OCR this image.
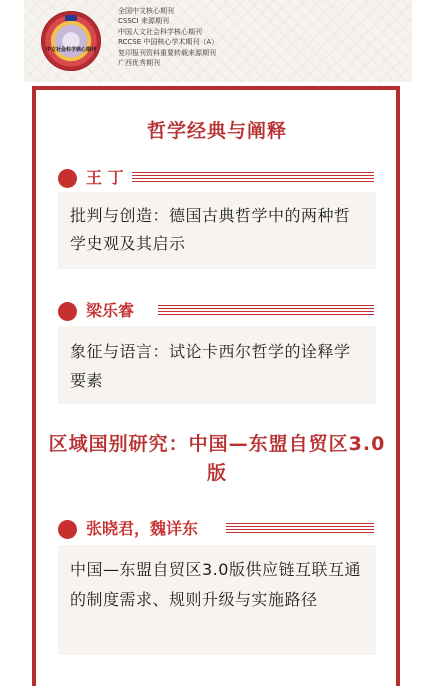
中文社会科学核心期刊
全国中文核心期刊
CSSCI 来源期刊
中国人文社会科学核心期刊
RCCSE 中国核心学术期刊（A）
复印报刊资料重要转载来源期刊
广西优秀期刊
哲学经典与阐释
王 丁
批判与创造：德国古典哲学中的两种哲学史观及其启示
梁乐睿
象征与语言：试论卡西尔哲学的诠释学要素
区域国别研究：中国—东盟自贸区3.0版
张晓君，魏详东
中国—东盟自贸区3.0版供应链互联互通的制度需求、规则升级与实施路径
